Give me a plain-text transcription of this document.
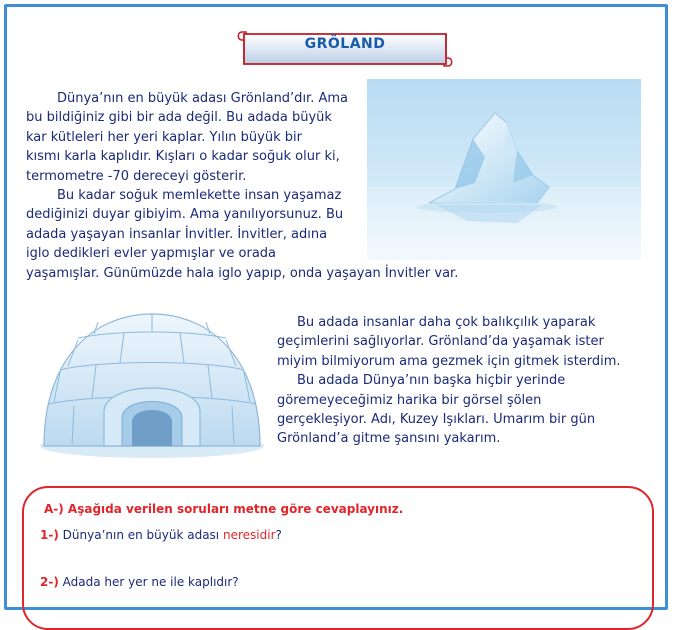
GRÖLAND
Dünya’nın en büyük adası Grönland’dır. Ama
bu bildiğiniz gibi bir ada değil. Bu adada büyük
kar kütleleri her yeri kaplar. Yılın büyük bir
kısmı karla kaplıdır. Kışları o kadar soğuk olur ki,
termometre -70 dereceyi gösterir.
Bu kadar soğuk memlekette insan yaşamaz
dediğinizi duyar gibiyim. Ama yanılıyorsunuz. Bu
adada yaşayan insanlar İnvitler. İnvitler, adına
iglo dedikleri evler yapmışlar ve orada
yaşamışlar. Günümüzde hala iglo yapıp, onda yaşayan İnvitler var.
Bu adada insanlar daha çok balıkçılık yaparak
geçimlerini sağlıyorlar. Grönland’da yaşamak ister
miyim bilmiyorum ama gezmek için gitmek isterdim.
Bu adada Dünya’nın başka hiçbir yerinde
göremeyeceğimiz harika bir görsel şölen
gerçekleşiyor. Adı, Kuzey Işıkları. Umarım bir gün
Grönland’a gitme şansını yakarım.
A-) Aşağıda verilen soruları metne göre cevaplayınız.
1-) Dünya’nın en büyük adası neresidir?
2-) Adada her yer ne ile kaplıdır?
